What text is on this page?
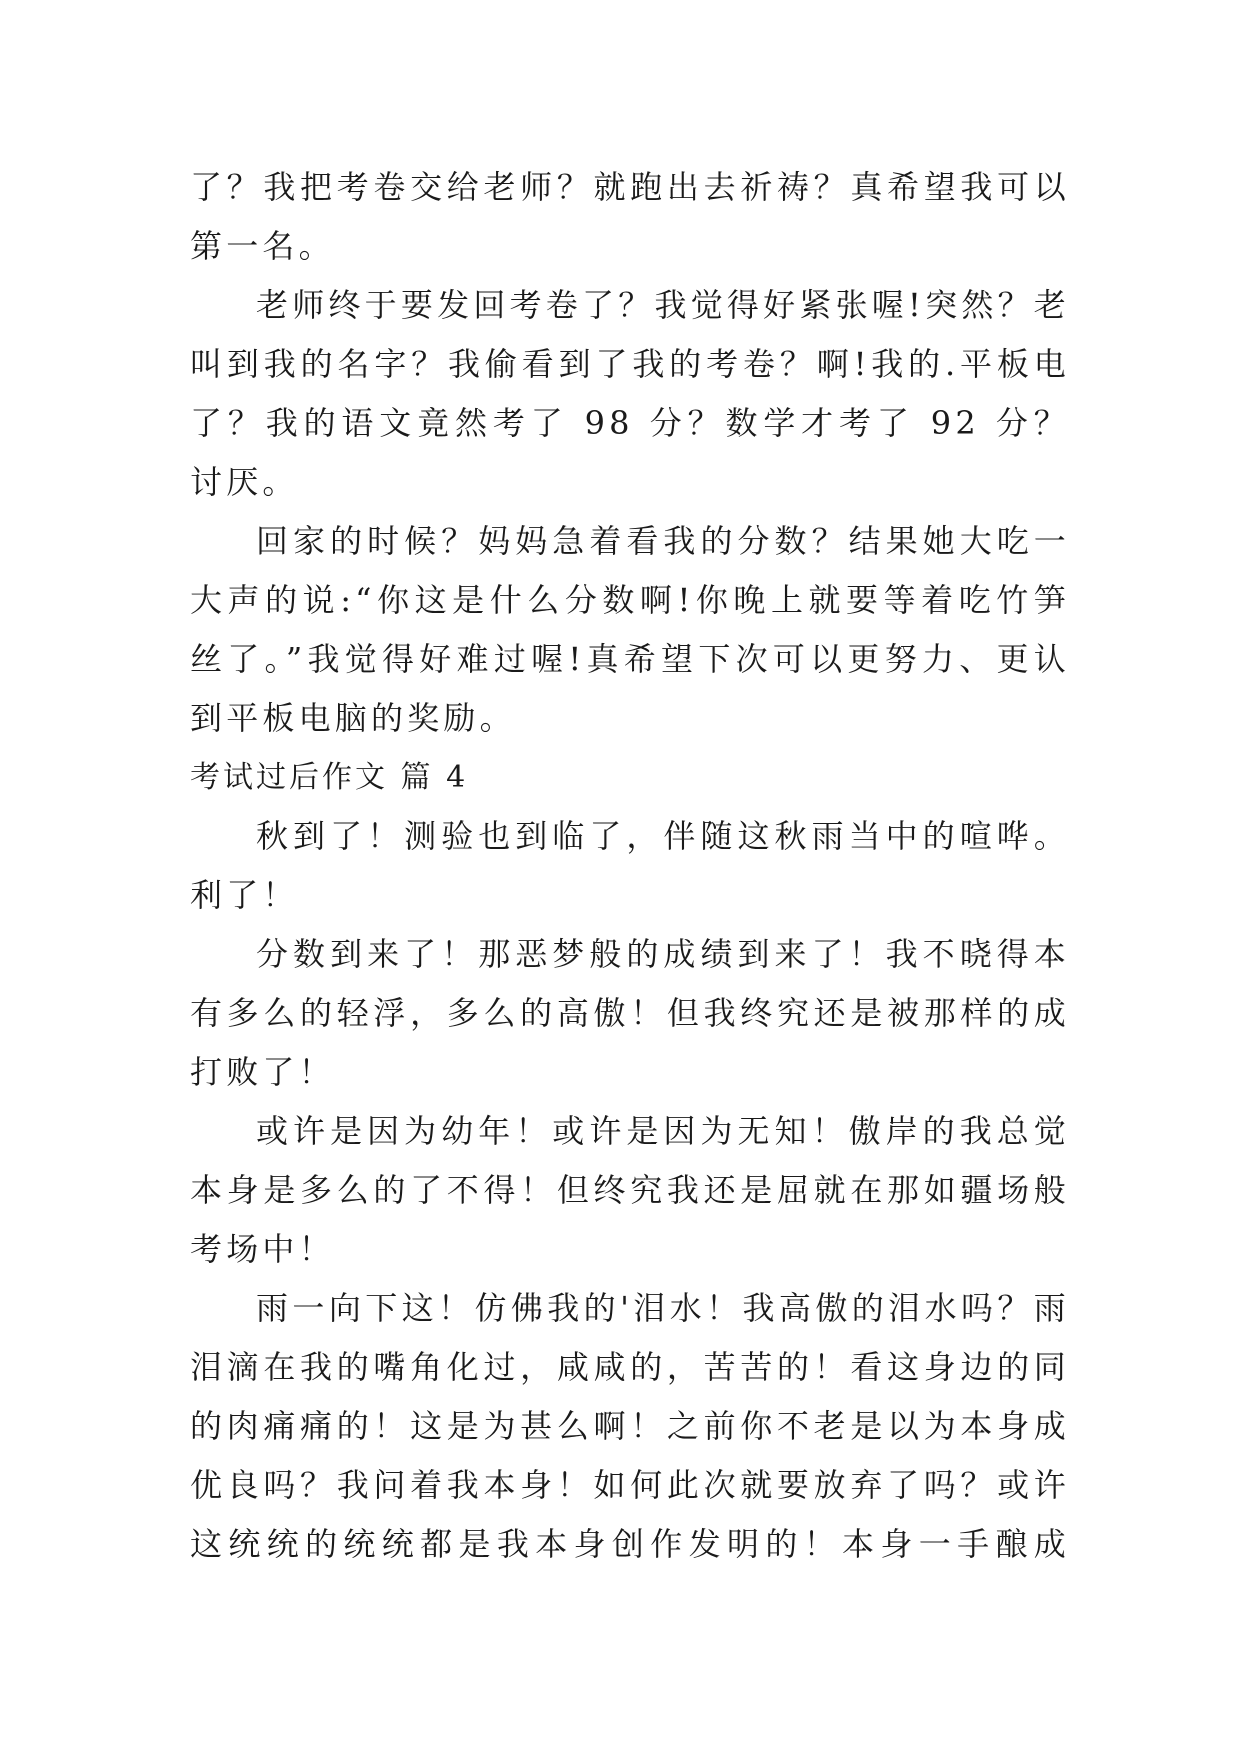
了？我把考卷交给老师？就跑出去祈祷？真希望我可以
第一名。
老师终于要发回考卷了？我觉得好紧张喔!突然？老
叫到我的名字？我偷看到了我的考卷？啊!我的.平板电
了？我的语文竟然考了 98 分？数学才考了 92 分？
讨厌。
回家的时候？妈妈急着看我的分数？结果她大吃一
大声的说:“你这是什么分数啊!你晚上就要等着吃竹笋
丝了。”我觉得好难过喔!真希望下次可以更努力、更认
到平板电脑的奖励。
考试过后作文 篇 4
秋到了！测验也到临了，伴随这秋雨当中的喧哗。
利了！
分数到来了！那恶梦般的成绩到来了！我不晓得本
有多么的轻浮，多么的高傲！但我终究还是被那样的成
打败了！
或许是因为幼年！或许是因为无知！傲岸的我总觉
本身是多么的了不得！但终究我还是屈就在那如疆场般
考场中！
雨一向下这！仿佛我的'泪水！我高傲的泪水吗？雨
泪滴在我的嘴角化过，咸咸的，苦苦的！看这身边的同
的肉痛痛的！这是为甚么啊！之前你不老是以为本身成
优良吗？我问着我本身！如何此次就要放弃了吗？或许
这统统的统统都是我本身创作发明的！本身一手酿成
